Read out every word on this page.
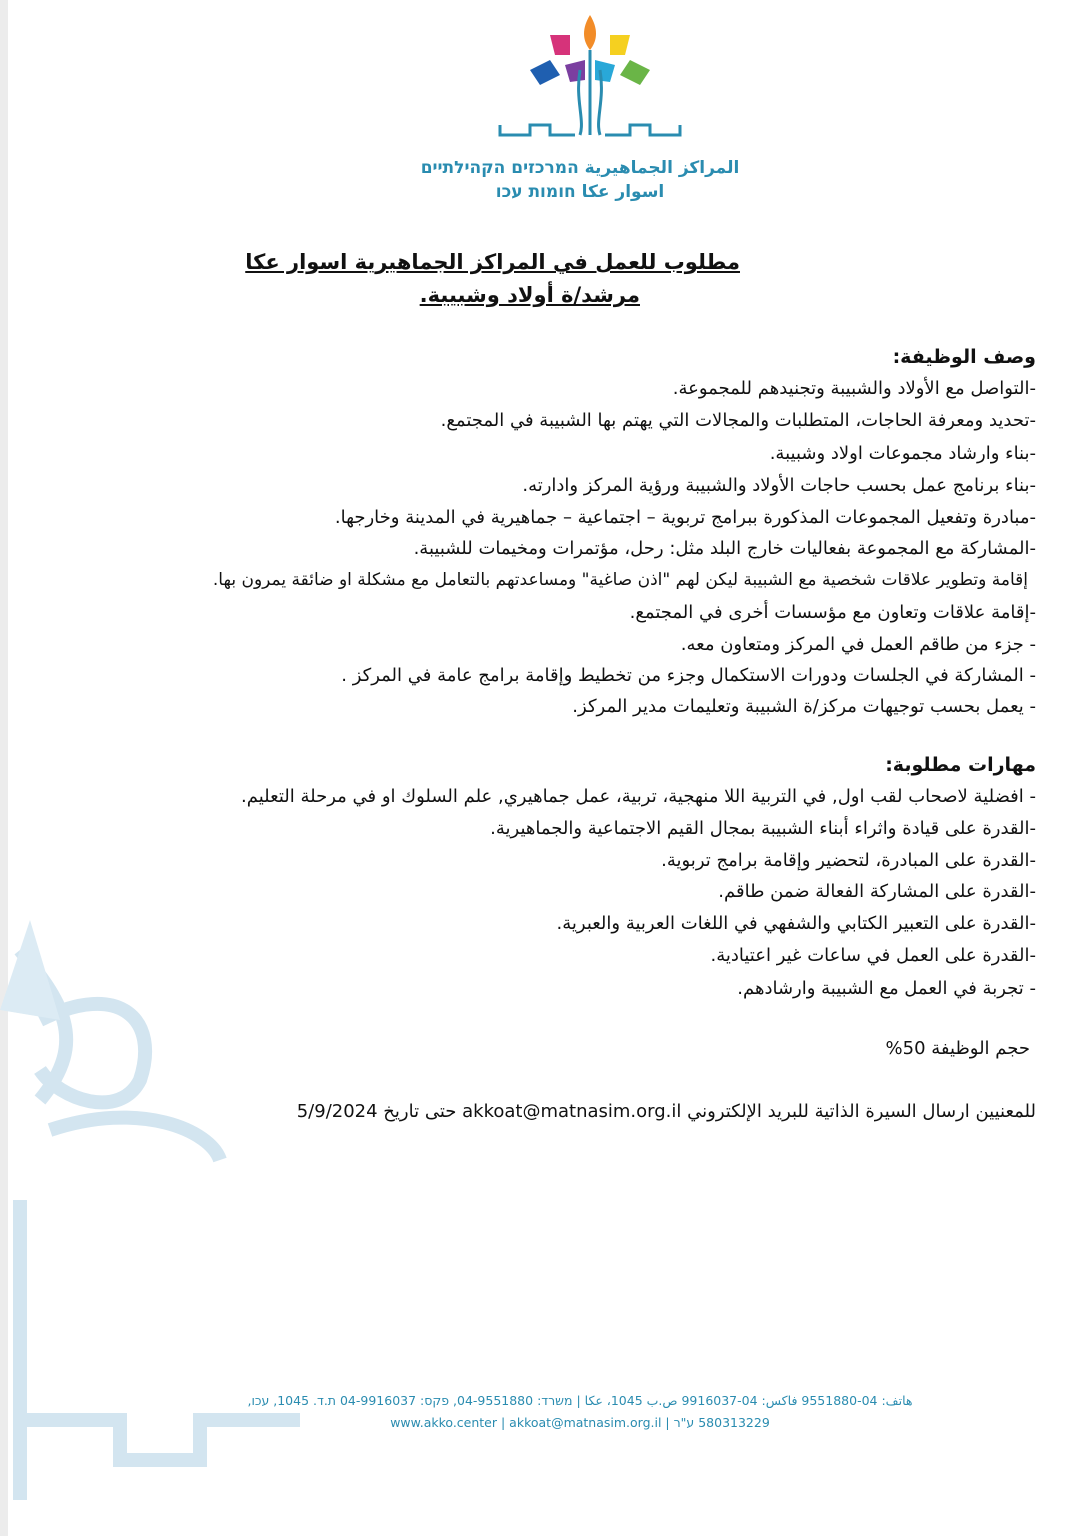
المراكز الجماهيرية המרכזים הקהילתיים
اسوار عكا חומות עכו
مطلوب للعمل في المراكز الجماهيرية اسوار عكا
مرشد/ة أولاد وشبيبة.
وصف الوظيفة:
-التواصل مع الأولاد والشبيبة وتجنيدهم للمجموعة.
-تحديد ومعرفة الحاجات، المتطلبات والمجالات التي يهتم بها الشبيبة في المجتمع.
-بناء وارشاد مجموعات اولاد وشبيبة.
-بناء برنامج عمل بحسب حاجات الأولاد والشبيبة ورؤية المركز وادارته.
-مبادرة وتفعيل المجموعات المذكورة ببرامج تربوية – اجتماعية – جماهيرية في المدينة وخارجها.
-المشاركة مع المجموعة بفعاليات خارج البلد مثل: رحل، مؤتمرات ومخيمات للشبيبة.
إقامة وتطوير علاقات شخصية مع الشبيبة ليكن لهم "اذن صاغية" ومساعدتهم بالتعامل مع مشكلة او ضائقة يمرون بها.
-إقامة علاقات وتعاون مع مؤسسات أخرى في المجتمع.
- جزء من طاقم العمل في المركز ومتعاون معه.
- المشاركة في الجلسات ودورات الاستكمال وجزء من تخطيط وإقامة برامج عامة في المركز .
- يعمل بحسب توجيهات مركز/ة الشبيبة وتعليمات مدير المركز.
مهارات مطلوبة:
- افضلية لاصحاب لقب اول, في التربية اللا منهجية، تربية، عمل جماهيري, علم السلوك او في مرحلة التعليم.
-القدرة على قيادة واثراء أبناء الشبيبة بمجال القيم الاجتماعية والجماهيرية.
-القدرة على المبادرة، لتحضير وإقامة برامج تربوية.
-القدرة على المشاركة الفعالة ضمن طاقم.
-القدرة على التعبير الكتابي والشفهي في اللغات العربية والعبرية.
-القدرة على العمل في ساعات غير اعتيادية.
- تجربة في العمل مع الشبيبة وارشادهم.
حجم الوظيفة 50%
للمعنيين ارسال السيرة الذاتية للبريد الإلكتروني akkoat@matnasim.org.il حتى تاريخ 5/9/2024
هاتف: 04-9551880 فاكس: 04-9916037 ص.ب 1045، عكا | משרד: 04-9551880, פקס: 04-9916037 ת.ד. 1045, עכו,
580313229 ע"ר | www.akko.center | akkoat@matnasim.org.il
